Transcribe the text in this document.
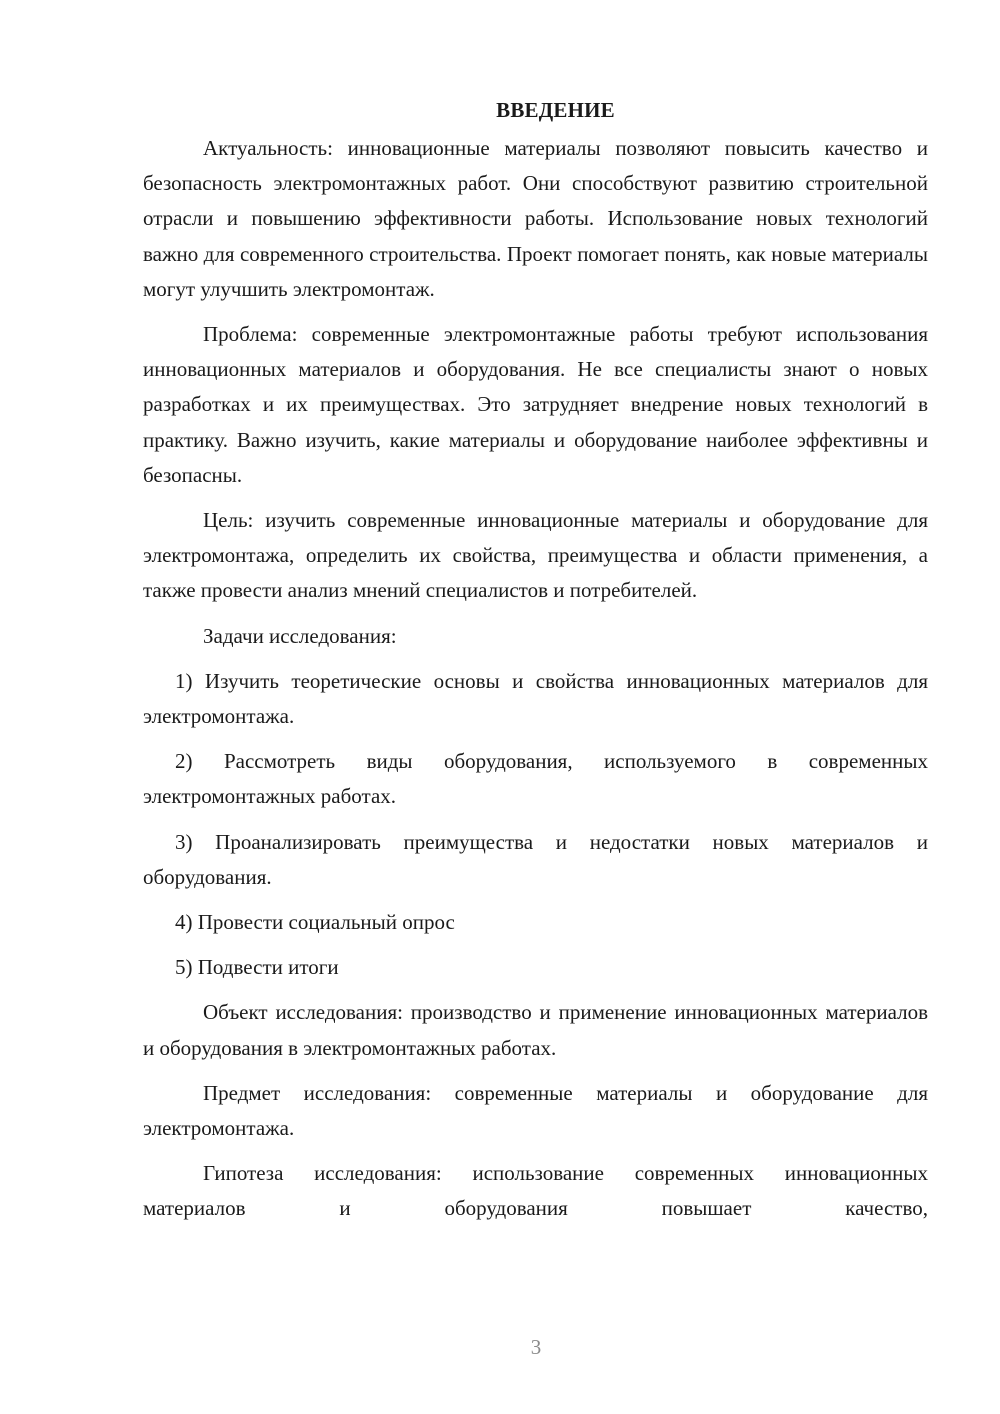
ВВЕДЕНИЕ

Актуальность: инновационные материалы позволяют повысить качество и безопасность электромонтажных работ. Они способствуют развитию строительной отрасли и повышению эффективности работы. Использование новых технологий важно для современного строительства. Проект помогает понять, как новые материалы могут улучшить электромонтаж.

Проблема: современные электромонтажные работы требуют использования инновационных материалов и оборудования. Не все специалисты знают о новых разработках и их преимуществах. Это затрудняет внедрение новых технологий в практику. Важно изучить, какие материалы и оборудование наиболее эффективны и безопасны.

Цель: изучить современные инновационные материалы и оборудование для электромонтажа, определить их свойства, преимущества и области применения, а также провести анализ мнений специалистов и потребителей.

Задачи исследования:

1) Изучить теоретические основы и свойства инновационных материалов для электромонтажа.

2) Рассмотреть виды оборудования, используемого в современных электромонтажных работах.

3) Проанализировать преимущества и недостатки новых материалов и оборудования.

4) Провести социальный опрос

5) Подвести итоги

Объект исследования: производство и применение инновационных материалов и оборудования в электромонтажных работах.

Предмет исследования: современные материалы и оборудование для электромонтажа.

Гипотеза исследования: использование современных инновационных материалов и оборудования повышает качество,

3
